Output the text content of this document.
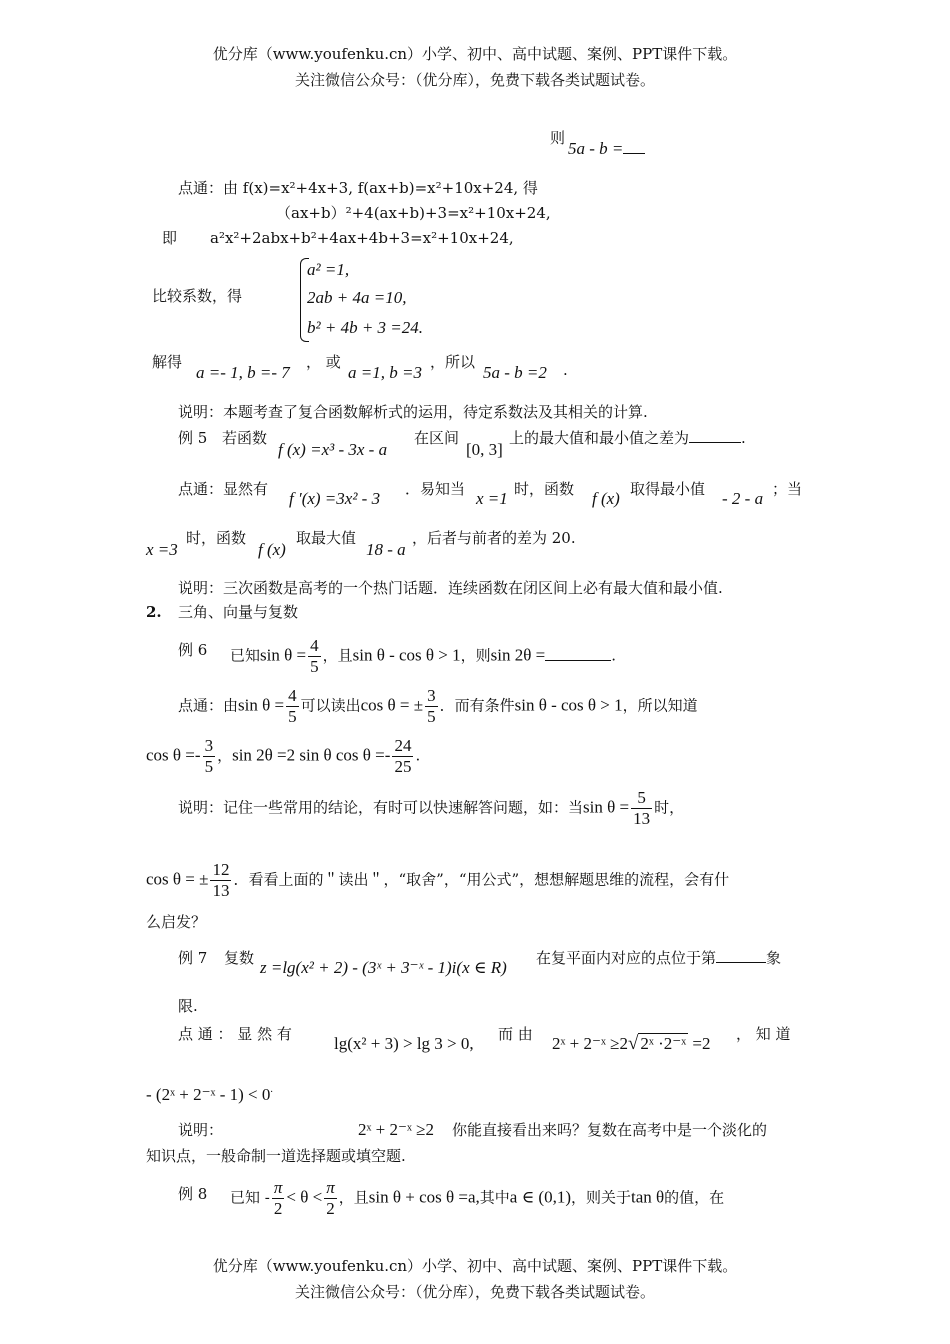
优分库（www.youfenku.cn）小学、初中、高中试题、案例、PPT课件下载。
关注微信公众号：（优分库），免费下载各类试题试卷。
则
5a - b =
点通：由 f(x)=x²+4x+3, f(ax+b)=x²+10x+24, 得
（ax+b）²+4(ax+b)+3=x²+10x+24,
即 a²x²+2abx+b²+4ax+4b+3=x²+10x+24,
比较系数，得
a² =1,
2ab + 4a =10,
b² + 4b + 3 =24.
解得
a =- 1, b =- 7
， 或
a =1, b =3
，所以
5a - b =2 .
说明：本题考查了复合函数解析式的运用，待定系数法及其相关的计算.
例 5 若函数
f (x) =x³ - 3x - a
在区间
[0, 3]
上的最大值和最小值之差为	.
点通：显然有 f ′(x) =3x² - 3 ．易知当 x =1 时，函数 f (x) 取得最小值 - 2 - a ；当
x =3
时，函数
f (x)
取最大值
18 - a
，后者与前者的差为 20.
说明：三次函数是高考的一个热门话题．连续函数在闭区间上必有最大值和最小值.
2. 三角、向量与复数
例 6 已知$\sin \theta = \frac{4}{5}$ ，且sin θ - cos θ > 1，则sin 2θ =	.
点通：由$\sin \theta = \frac{4}{5}$ 可以读出cos θ = ± $\frac{3}{5}$ ．而有条件sin θ - cos θ > 1，所以知道
$\cos \theta =- \frac{3}{5}$ ，sin 2θ =2 sin θ $\cos \theta =- \frac{24}{25}$ .
说明：记住一些常用的结论，有时可以快速解答问题，如：当$\sin \theta = \frac{5}{13}$ 时，
cos θ = ± $\frac{12}{13}$ ．看看上面的＂读出＂，“取舍”，“用公式”，想想解题思维的流程，会有什
么启发？
例 7 复数 z =lg(x² + 2) - (3ˣ + 3⁻ˣ - 1)i(x ∈ R) 在复平面内对应的点位于第	象
限.
点 通 ： 显 然 有 lg(x² + 3) > lg 3 > 0, 而 由 2ˣ + 2⁻ˣ ≥2√ 2ˣ ·2⁻ˣ =2 ， 知 道
- (2ˣ + 2⁻ˣ - 1) < 0.
说明：	2ˣ + 2⁻ˣ ≥2 你能直接看出来吗？复数在高考中是一个淡化的
知识点，一般命制一道选择题或填空题.
例 8 已知 - $\frac{\pi}{2} < \theta < \frac{\pi}{2}$ ，且sin θ + cos θ =a,其中a ∈ (0,1)，则关于tan θ的值，在
优分库（www.youfenku.cn）小学、初中、高中试题、案例、PPT课件下载。
关注微信公众号：（优分库），免费下载各类试题试卷。
